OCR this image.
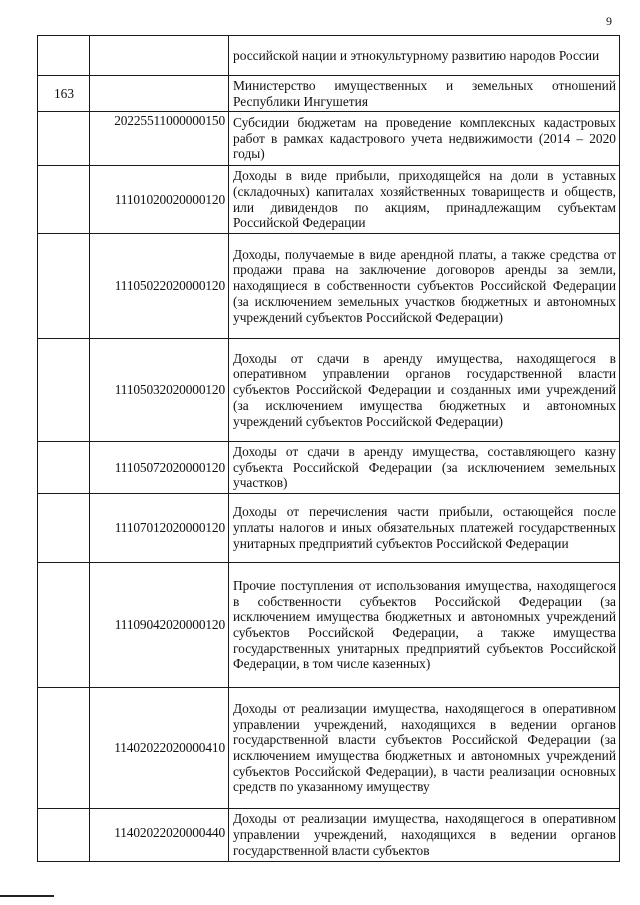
9
		российской нации и этнокультурному развитию народов России
163		Министерство имущественных и земельных отношений Республики Ингушетия
	20225511000000150	Субсидии бюджетам на проведение комплексных кадастровых работ в рамках кадастрового учета недвижимости (2014 – 2020 годы)
	11101020020000120	Доходы в виде прибыли, приходящейся на доли в уставных (складочных) капиталах хозяйственных товариществ и обществ, или дивидендов по акциям, принадлежащим субъектам Российской Федерации
	11105022020000120	Доходы, получаемые в виде арендной платы, а также средства от продажи права на заключение договоров аренды за земли, находящиеся в собственности субъектов Российской Федерации (за исключением земельных участков бюджетных и автономных учреждений субъектов Российской Федерации)
	11105032020000120	Доходы от сдачи в аренду имущества, находящегося в оперативном управлении органов государственной власти субъектов Российской Федерации и созданных ими учреждений (за исключением имущества бюджетных и автономных учреждений субъектов Российской Федерации)
	11105072020000120	Доходы от сдачи в аренду имущества, составляющего казну субъекта Российской Федерации (за исключением земельных участков)
	11107012020000120	Доходы от перечисления части прибыли, остающейся после уплаты налогов и иных обязательных платежей государственных унитарных предприятий субъектов Российской Федерации
	11109042020000120	Прочие поступления от использования имущества, находящегося в собственности субъектов Российской Федерации (за исключением имущества бюджетных и автономных учреждений субъектов Российской Федерации, а также имущества государственных унитарных предприятий субъектов Российской Федерации, в том числе казенных)
	11402022020000410	Доходы от реализации имущества, находящегося в оперативном управлении учреждений, находящихся в ведении органов государственной власти субъектов Российской Федерации (за исключением имущества бюджетных и автономных учреждений субъектов Российской Федерации), в части реализации основных средств по указанному имуществу
	11402022020000440	Доходы от реализации имущества, находящегося в оперативном управлении учреждений, находящихся в ведении органов государственной власти субъектов
